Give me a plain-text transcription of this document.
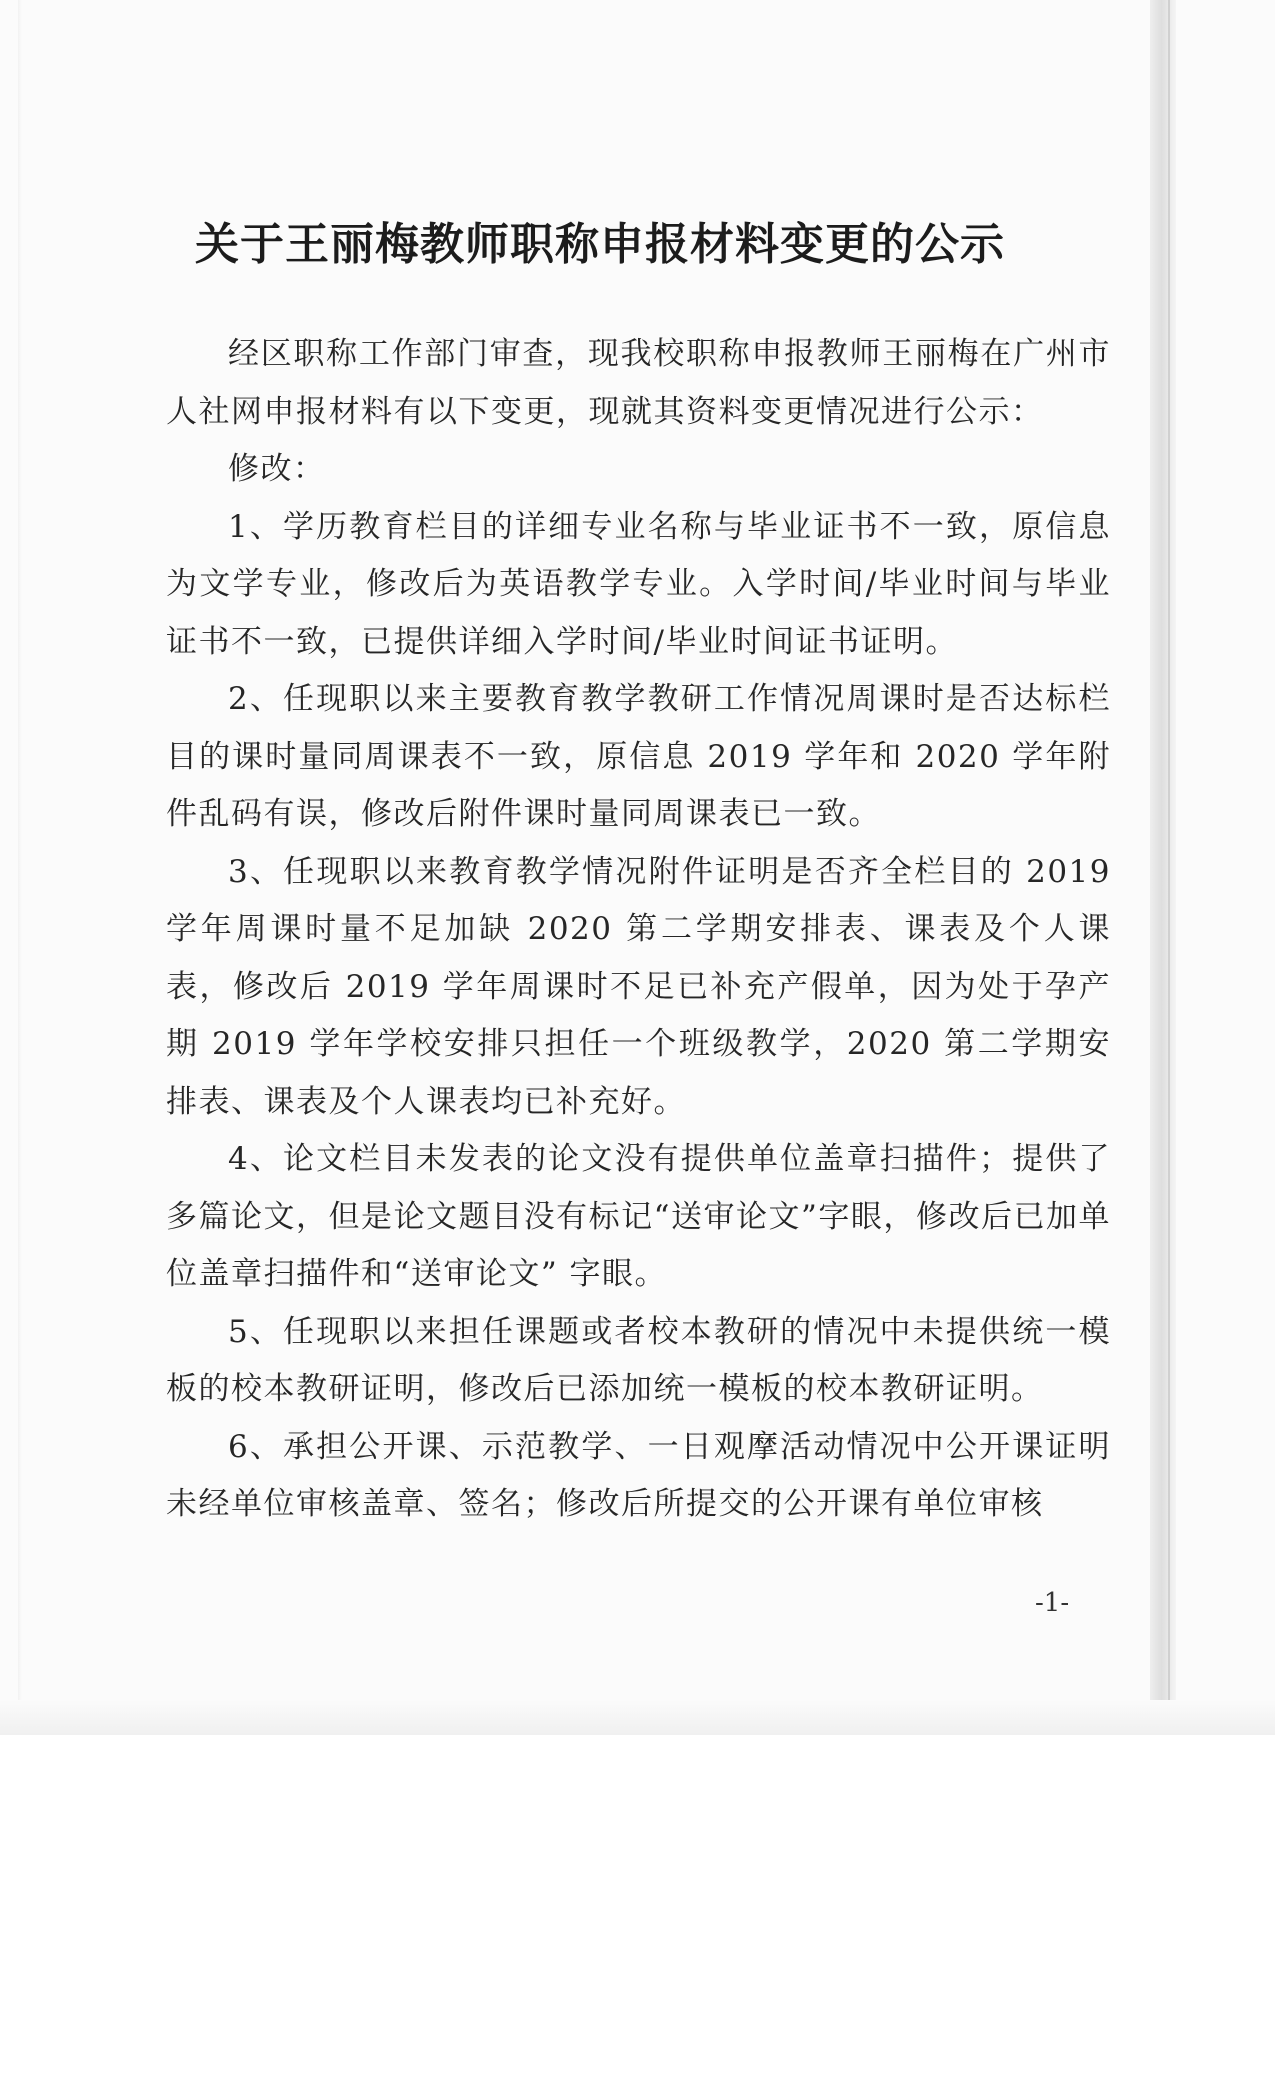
关于王丽梅教师职称申报材料变更的公示

经区职称工作部门审查，现我校职称申报教师王丽梅在广州市人社网申报材料有以下变更，现就其资料变更情况进行公示：

修改：

1、学历教育栏目的详细专业名称与毕业证书不一致，原信息为文学专业，修改后为英语教学专业。入学时间/毕业时间与毕业证书不一致，已提供详细入学时间/毕业时间证书证明。

2、任现职以来主要教育教学教研工作情况周课时是否达标栏目的课时量同周课表不一致，原信息 2019 学年和 2020 学年附件乱码有误，修改后附件课时量同周课表已一致。

3、任现职以来教育教学情况附件证明是否齐全栏目的 2019 学年周课时量不足加缺 2020 第二学期安排表、课表及个人课表，修改后 2019 学年周课时不足已补充产假单，因为处于孕产期 2019 学年学校安排只担任一个班级教学，2020 第二学期安排表、课表及个人课表均已补充好。

4、论文栏目未发表的论文没有提供单位盖章扫描件；提供了多篇论文，但是论文题目没有标记“送审论文”字眼，修改后已加单位盖章扫描件和“送审论文” 字眼。

5、任现职以来担任课题或者校本教研的情况中未提供统一模板的校本教研证明，修改后已添加统一模板的校本教研证明。

6、承担公开课、示范教学、一日观摩活动情况中公开课证明未经单位审核盖章、签名；修改后所提交的公开课有单位审核

-1-
